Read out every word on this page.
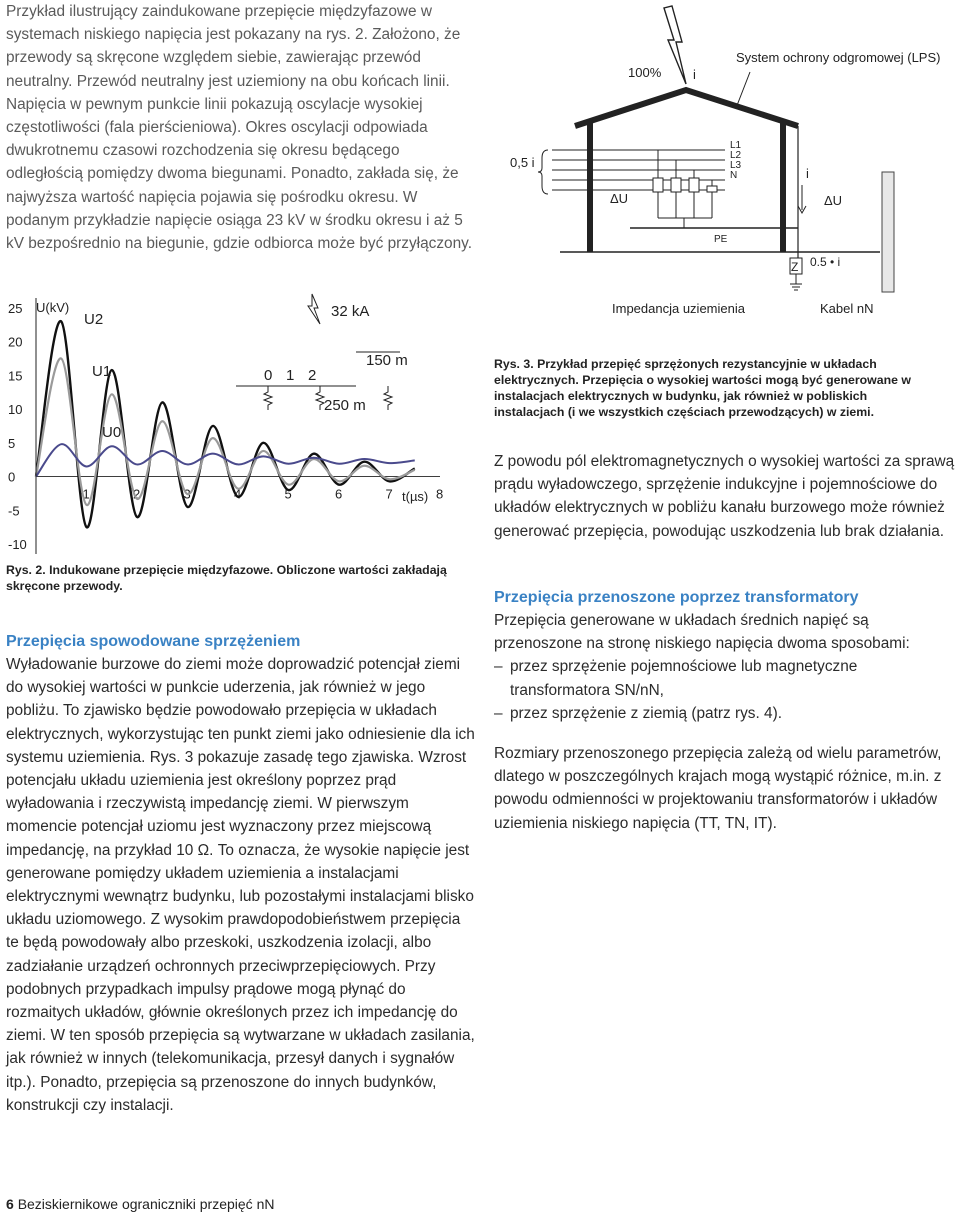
Przykład ilustrujący zaindukowane przepięcie międzyfazowe w systemach niskiego napięcia jest pokazany na rys. 2. Założono, że przewody są skręcone względem siebie, zawierając przewód neutralny. Przewód neutralny jest uziemiony na obu końcach linii. Napięcia w pewnym punkcie linii pokazują oscylacje wysokiej częstotliwości (fala pierścieniowa). Okres oscylacji odpowiada dwukrotnemu czasowi rozchodzenia się okresu będącego odległością pomiędzy dwoma biegunami. Ponadto, zakłada się, że najwyższa wartość napięcia pojawia się pośrodku okresu. W podanym przykładzie napięcie osiąga 23 kV w środku okresu i aż 5 kV bezpośrednio na biegunie, gdzie odbiorca może być przyłączony.

100% i
System ochrony odgromowej (LPS)
0,5 i
L1
L2
L3
N
ΔU
PE
i
ΔU
Z 0.5 • i
Impedancja uziemienia	Kabel nN

Rys. 3. Przykład przepięć sprzężonych rezystancyjnie w układach elektrycznych. Przepięcia o wysokiej wartości mogą być generowane w instalacjach elektrycznych w budynku, jak również w pobliskich instalacjach (i we wszystkich częściach przewodzących) w ziemi.

25
20
15
10
5
0
-5
-10
1	2	3	4	5	6	7	8
U(kV)
t(µs)
U2
U1
U0
32 kA
150 m
0 1 2
250 m

Rys. 2. Indukowane przepięcie międzyfazowe. Obliczone wartości zakładają skręcone przewody.

Przepięcia spowodowane sprzężeniem

Wyładowanie burzowe do ziemi może doprowadzić potencjał ziemi do wysokiej wartości w punkcie uderzenia, jak również w jego pobliżu. To zjawisko będzie powodowało przepięcia w układach elektrycznych, wykorzystując ten punkt ziemi jako odniesienie dla ich systemu uziemienia. Rys. 3 pokazuje zasadę tego zjawiska. Wzrost potencjału układu uziemienia jest określony poprzez prąd wyładowania i rzeczywistą impedancję ziemi. W pierwszym momencie potencjał uziomu jest wyznaczony przez miejscową impedancję, na przykład 10 Ω. To oznacza, że wysokie napięcie jest generowane pomiędzy układem uziemienia a instalacjami elektrycznymi wewnątrz budynku, lub pozostałymi instalacjami blisko układu uziomowego. Z wysokim prawdopodobieństwem przepięcia te będą powodowały albo przeskoki, uszkodzenia izolacji, albo zadziałanie urządzeń ochronnych przeciwprzepięciowych. Przy podobnych przypadkach impulsy prądowe mogą płynąć do rozmaitych układów, głównie określonych przez ich impedancję do ziemi. W ten sposób przepięcia są wytwarzane w układach zasilania, jak również w innych (telekomunikacja, przesył danych i sygnałów itp.). Ponadto, przepięcia są przenoszone do innych budynków, konstrukcji czy instalacji.

Z powodu pól elektromagnetycznych o wysokiej wartości za sprawą prądu wyładowczego, sprzężenie indukcyjne i pojemnościowe do układów elektrycznych w pobliżu kanału burzowego może również generować przepięcia, powodując uszkodzenia lub brak działania.

Przepięcia przenoszone poprzez transformatory

Przepięcia generowane w układach średnich napięć są przenoszone na stronę niskiego napięcia dwoma sposobami:

– przez sprzężenie pojemnościowe lub magnetyczne transformatora SN/nN,
– przez sprzężenie z ziemią (patrz rys. 4).

Rozmiary przenoszonego przepięcia zależą od wielu parametrów, dlatego w poszczególnych krajach mogą wystąpić różnice, m.in. z powodu odmienności w projektowaniu transformatorów i układów uziemienia niskiego napięcia (TT, TN, IT).

6 Beziskiernikowe ograniczniki przepięć nN
